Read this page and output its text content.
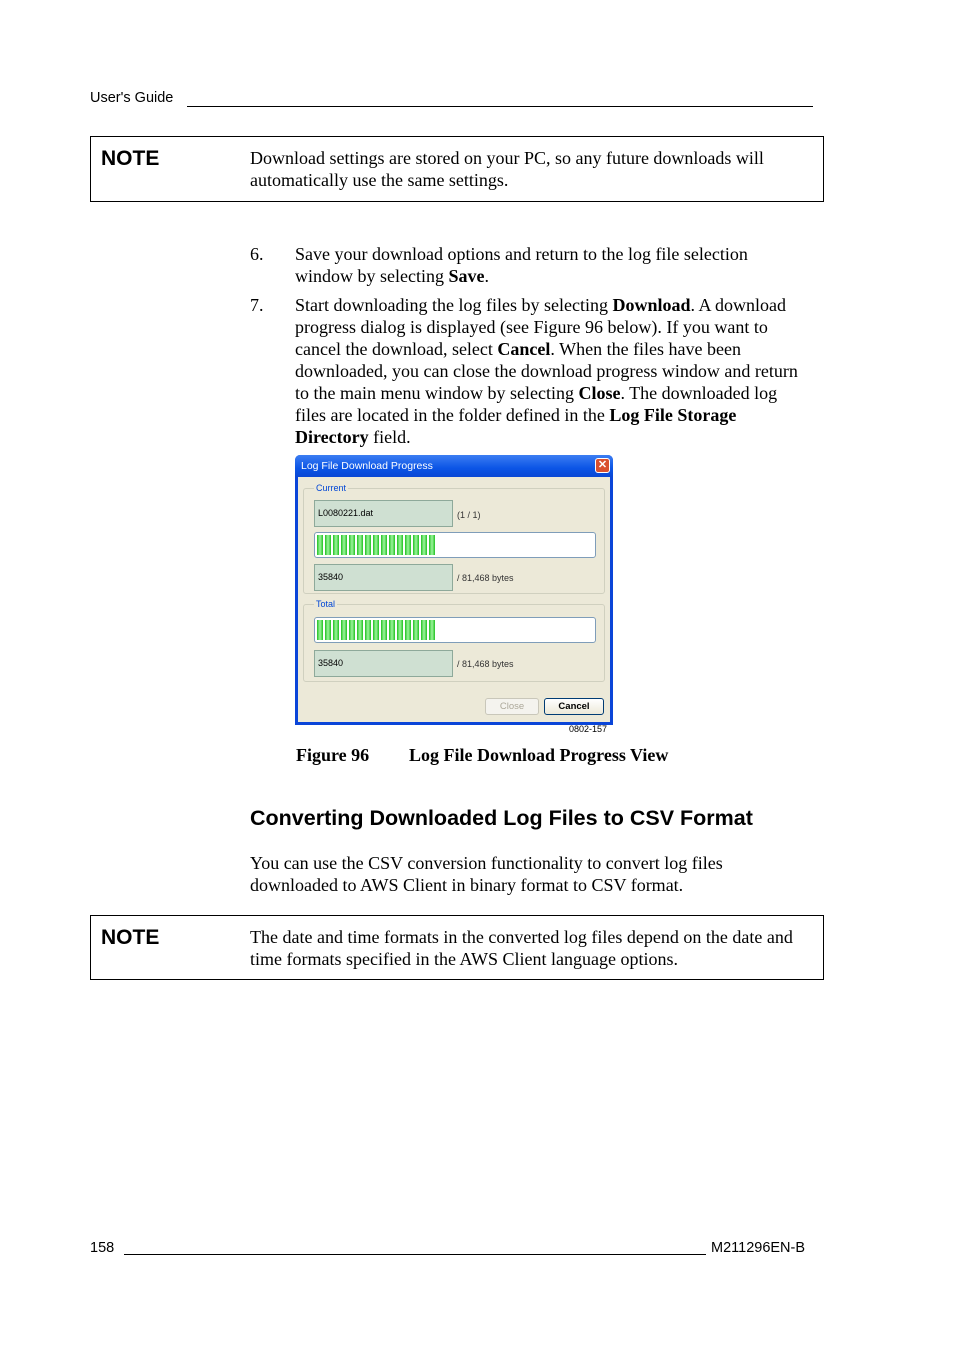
User's Guide
NOTE	Download settings are stored on your PC, so any future downloads will automatically use the same settings.
6. Save your download options and return to the log file selection window by selecting Save.
7. Start downloading the log files by selecting Download. A download progress dialog is displayed (see Figure 96 below). If you want to cancel the download, select Cancel. When the files have been downloaded, you can close the download progress window and return to the main menu window by selecting Close. The downloaded log files are located in the folder defined in the Log File Storage Directory field.
Log File Download Progress	✕
Current
L0080221.dat	(1 / 1)
35840	/ 81,468 bytes
Total
35840	/ 81,468 bytes
Close	Cancel
0802-157
Figure 96 Log File Download Progress View
Converting Downloaded Log Files to CSV Format
You can use the CSV conversion functionality to convert log files downloaded to AWS Client in binary format to CSV format.
NOTE	The date and time formats in the converted log files depend on the date and time formats specified in the AWS Client language options.
158	M211296EN-B
